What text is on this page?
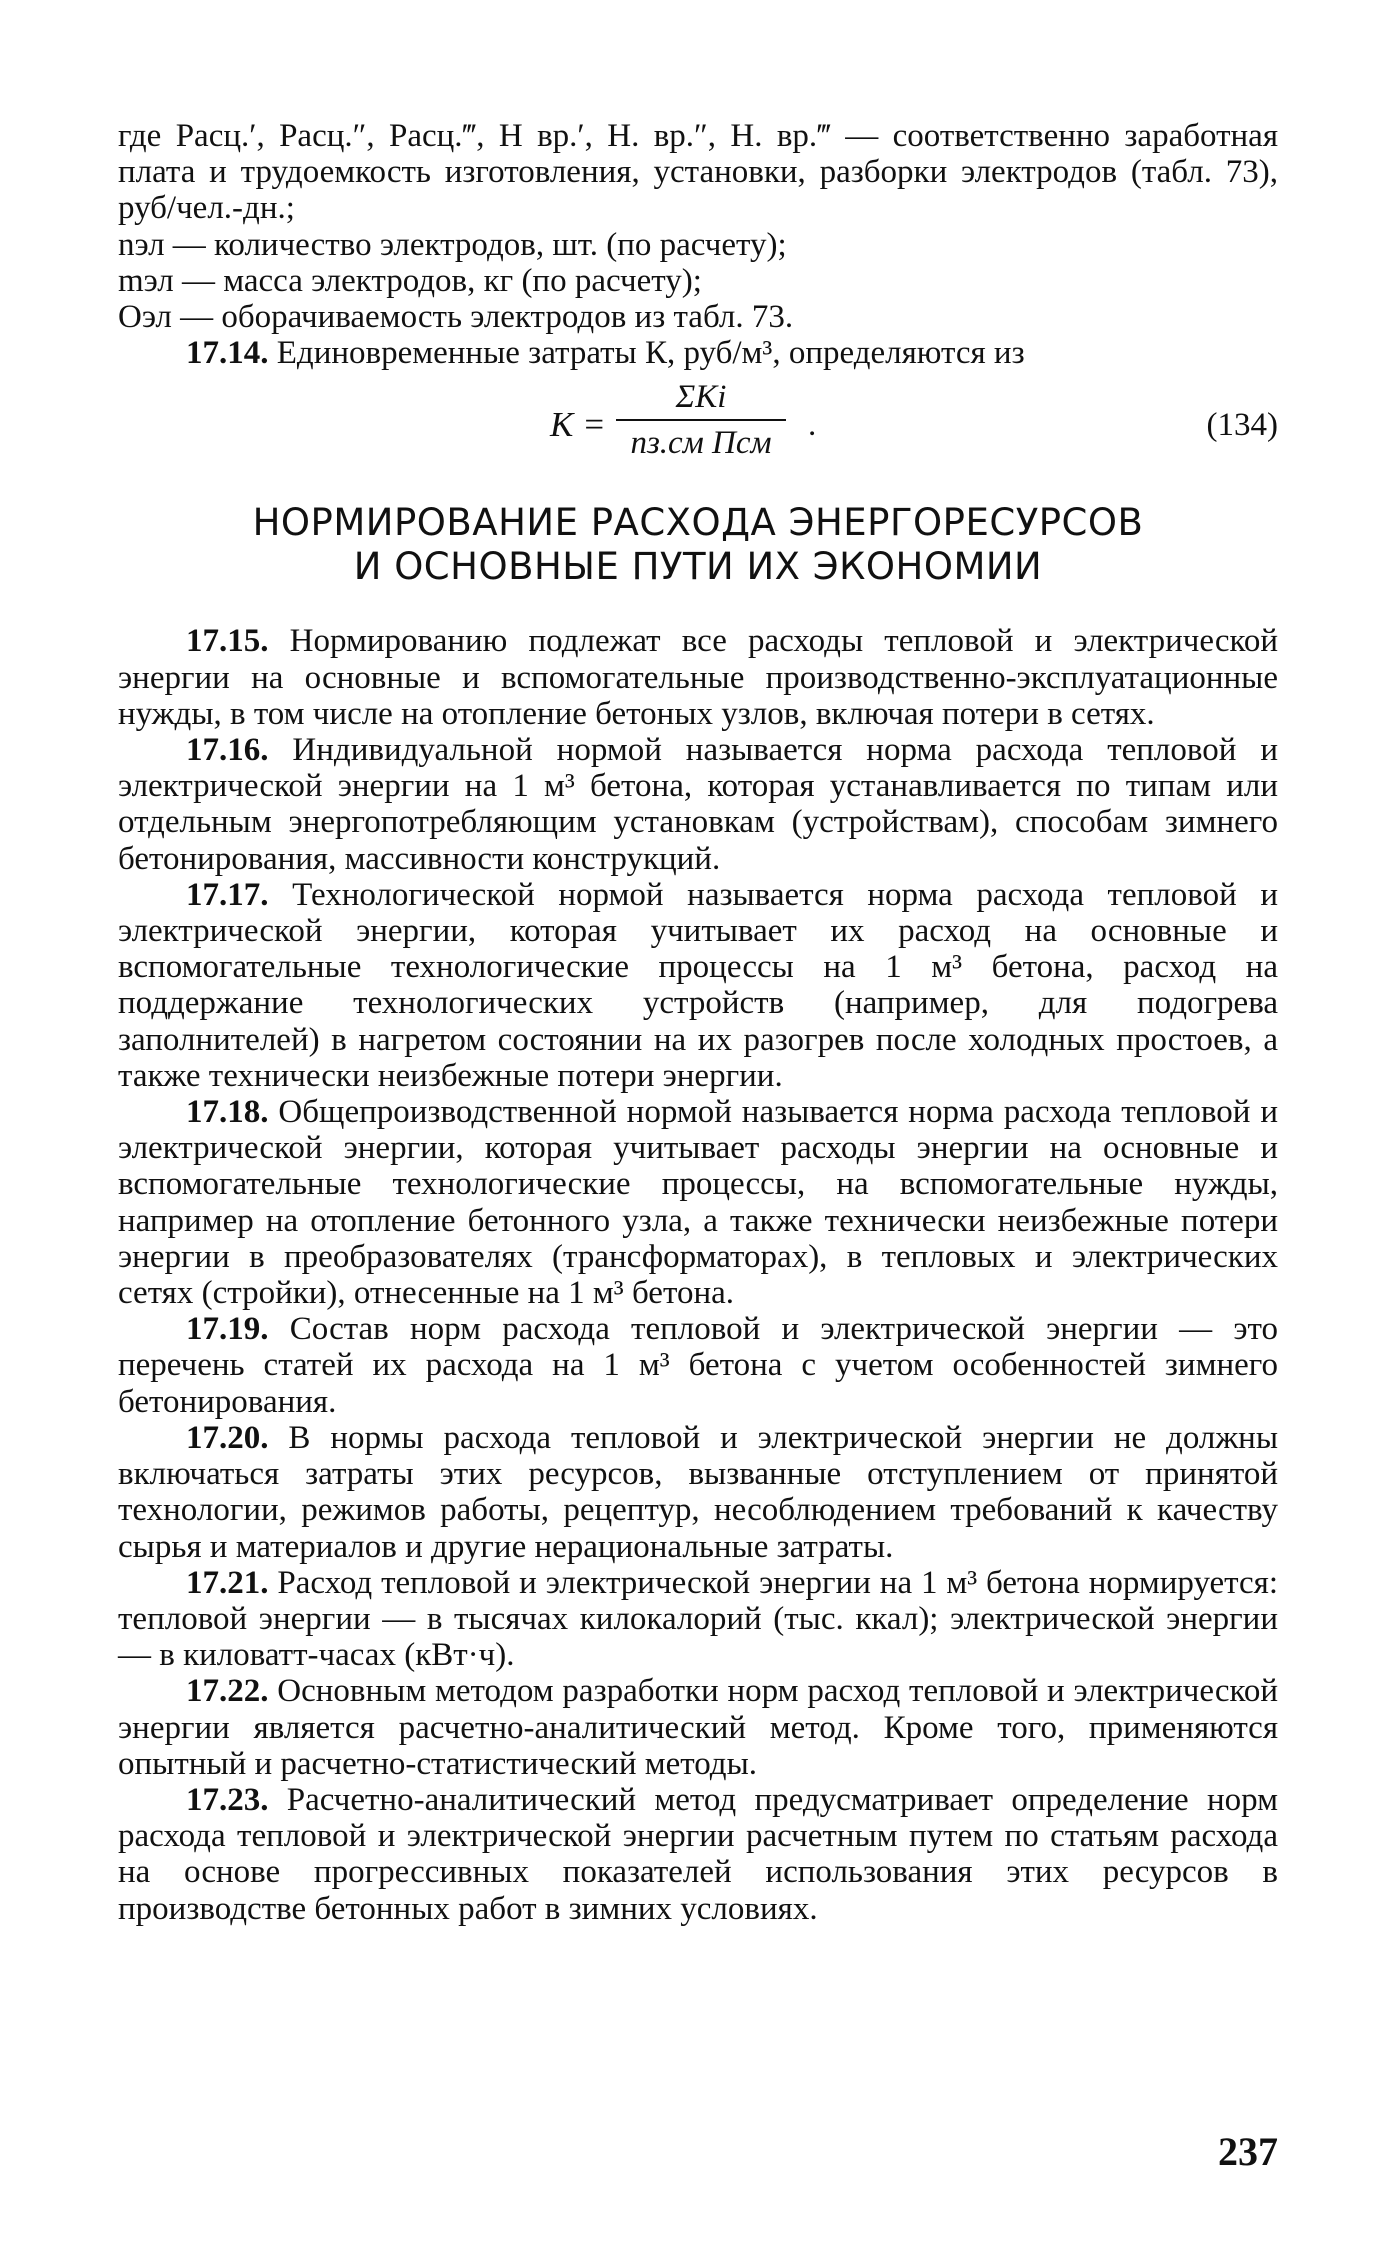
где Расц.′, Расц.″, Расц.‴, Н вр.′, Н. вр.″, Н. вр.‴ — соответственно заработная плата и трудоемкость изготовления, установки, разборки электродов (табл. 73), руб/чел.-дн.;

nэл — количество электродов, шт. (по расчету);

mэл — масса электродов, кг (по расчету);

Оэл — оборачиваемость электродов из табл. 73.

17.14. Единовременные затраты К, руб/м³, определяются из

K =
ΣKi
nз.см Пcм	.	(134)
НОРМИРОВАНИЕ РАСХОДА ЭНЕРГОРЕСУРСОВ
И ОСНОВНЫЕ ПУТИ ИХ ЭКОНОМИИ

17.15. Нормированию подлежат все расходы тепловой и электрической энергии на основные и вспомогательные производственно-эксплуатационные нужды, в том числе на отопление бетоных узлов, включая потери в сетях.

17.16. Индивидуальной нормой называется норма расхода тепловой и электрической энергии на 1 м³ бетона, которая устанавливается по типам или отдельным энергопотребляющим установкам (устройствам), способам зимнего бетонирования, массивности конструкций.

17.17. Технологической нормой называется норма расхода тепловой и электрической энергии, которая учитывает их расход на основные и вспомогательные технологические процессы на 1 м³ бетона, расход на поддержание технологических устройств (например, для подогрева заполнителей) в нагретом состоянии на их разогрев после холодных простоев, а также технически неизбежные потери энергии.

17.18. Общепроизводственной нормой называется норма расхода тепловой и электрической энергии, которая учитывает расходы энергии на основные и вспомогательные технологические процессы, на вспомогательные нужды, например на отопление бетонного узла, а также технически неизбежные потери энергии в преобразователях (трансформаторах), в тепловых и электрических сетях (стройки), отнесенные на 1 м³ бетона.

17.19. Состав норм расхода тепловой и электрической энергии — это перечень статей их расхода на 1 м³ бетона с учетом особенностей зимнего бетонирования.

17.20. В нормы расхода тепловой и электрической энергии не должны включаться затраты этих ресурсов, вызванные отступлением от принятой технологии, режимов работы, рецептур, несоблюдением требований к качеству сырья и материалов и другие нерациональные затраты.

17.21. Расход тепловой и электрической энергии на 1 м³ бетона нормируется: тепловой энергии — в тысячах килокалорий (тыс. ккал); электрической энергии — в киловатт-часах (кВт·ч).

17.22. Основным методом разработки норм расход тепловой и электрической энергии является расчетно-аналитический метод. Кроме того, применяются опытный и расчетно-статистический методы.

17.23. Расчетно-аналитический метод предусматривает определение норм расхода тепловой и электрической энергии расчетным путем по статьям расхода на основе прогрессивных показателей использования этих ресурсов в производстве бетонных работ в зимних условиях.

237
